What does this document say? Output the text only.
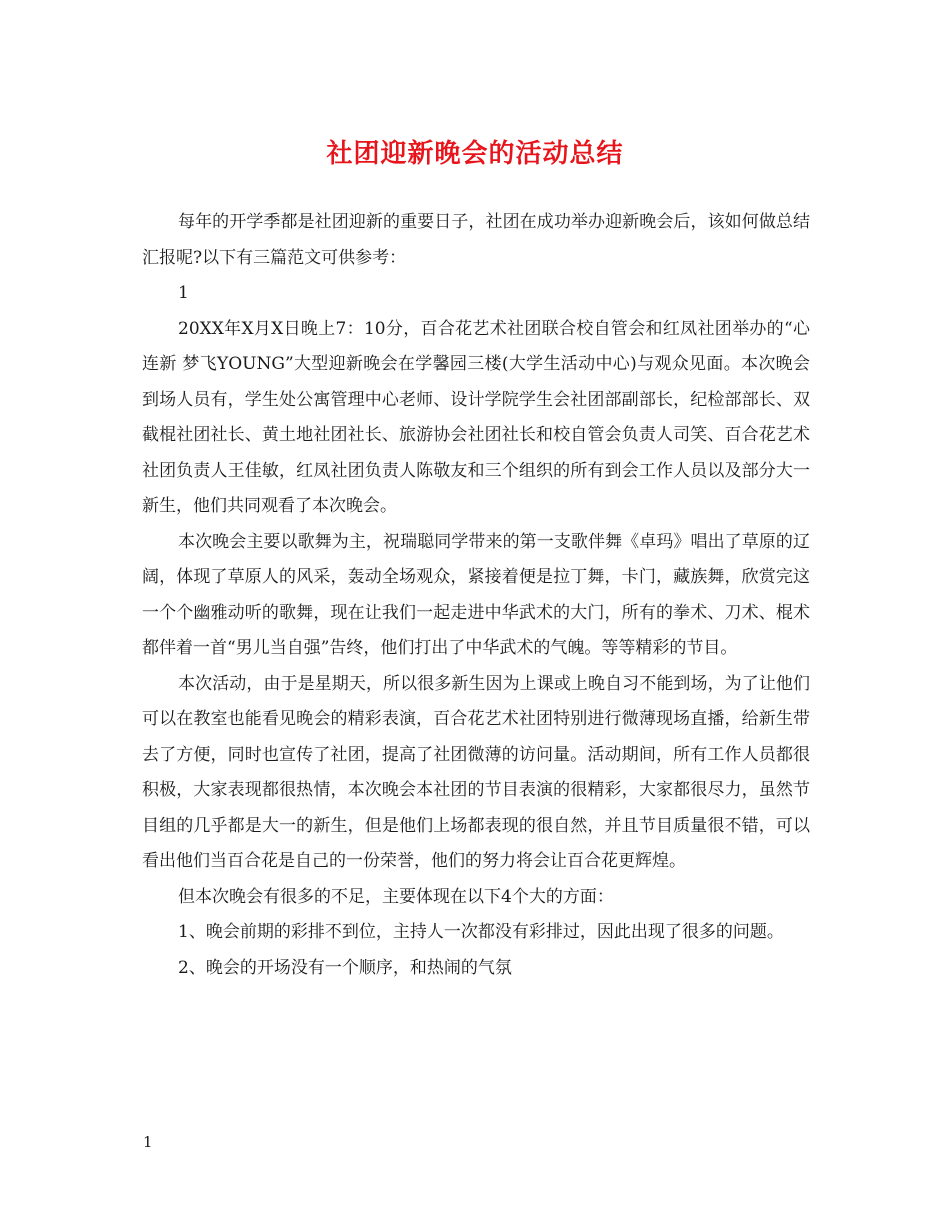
社团迎新晚会的活动总结

每年的开学季都是社团迎新的重要日子，社团在成功举办迎新晚会后，该如何做总结汇报呢?以下有三篇范文可供参考：

1

20XX年X月X日晚上7：10分，百合花艺术社团联合校自管会和红凤社团举办的“心连新 梦飞YOUNG”大型迎新晚会在学馨园三楼(大学生活动中心)与观众见面。本次晚会到场人员有，学生处公寓管理中心老师、设计学院学生会社团部副部长，纪检部部长、双截棍社团社长、黄土地社团社长、旅游协会社团社长和校自管会负责人司笑、百合花艺术社团负责人王佳敏，红凤社团负责人陈敬友和三个组织的所有到会工作人员以及部分大一新生，他们共同观看了本次晚会。

本次晚会主要以歌舞为主，祝瑞聪同学带来的第一支歌伴舞《卓玛》唱出了草原的辽阔，体现了草原人的风采，轰动全场观众，紧接着便是拉丁舞，卡门，藏族舞，欣赏完这一个个幽雅动听的歌舞，现在让我们一起走进中华武术的大门，所有的拳术、刀术、棍术都伴着一首“男儿当自强”告终，他们打出了中华武术的气魄。等等精彩的节目。

本次活动，由于是星期天，所以很多新生因为上课或上晚自习不能到场，为了让他们可以在教室也能看见晚会的精彩表演，百合花艺术社团特别进行微薄现场直播，给新生带去了方便，同时也宣传了社团，提高了社团微薄的访问量。活动期间，所有工作人员都很积极，大家表现都很热情，本次晚会本社团的节目表演的很精彩，大家都很尽力，虽然节目组的几乎都是大一的新生，但是他们上场都表现的很自然，并且节目质量很不错，可以看出他们当百合花是自己的一份荣誉，他们的努力将会让百合花更辉煌。

但本次晚会有很多的不足，主要体现在以下4个大的方面：

1、晚会前期的彩排不到位，主持人一次都没有彩排过，因此出现了很多的问题。

2、晚会的开场没有一个顺序，和热闹的气氛

1
